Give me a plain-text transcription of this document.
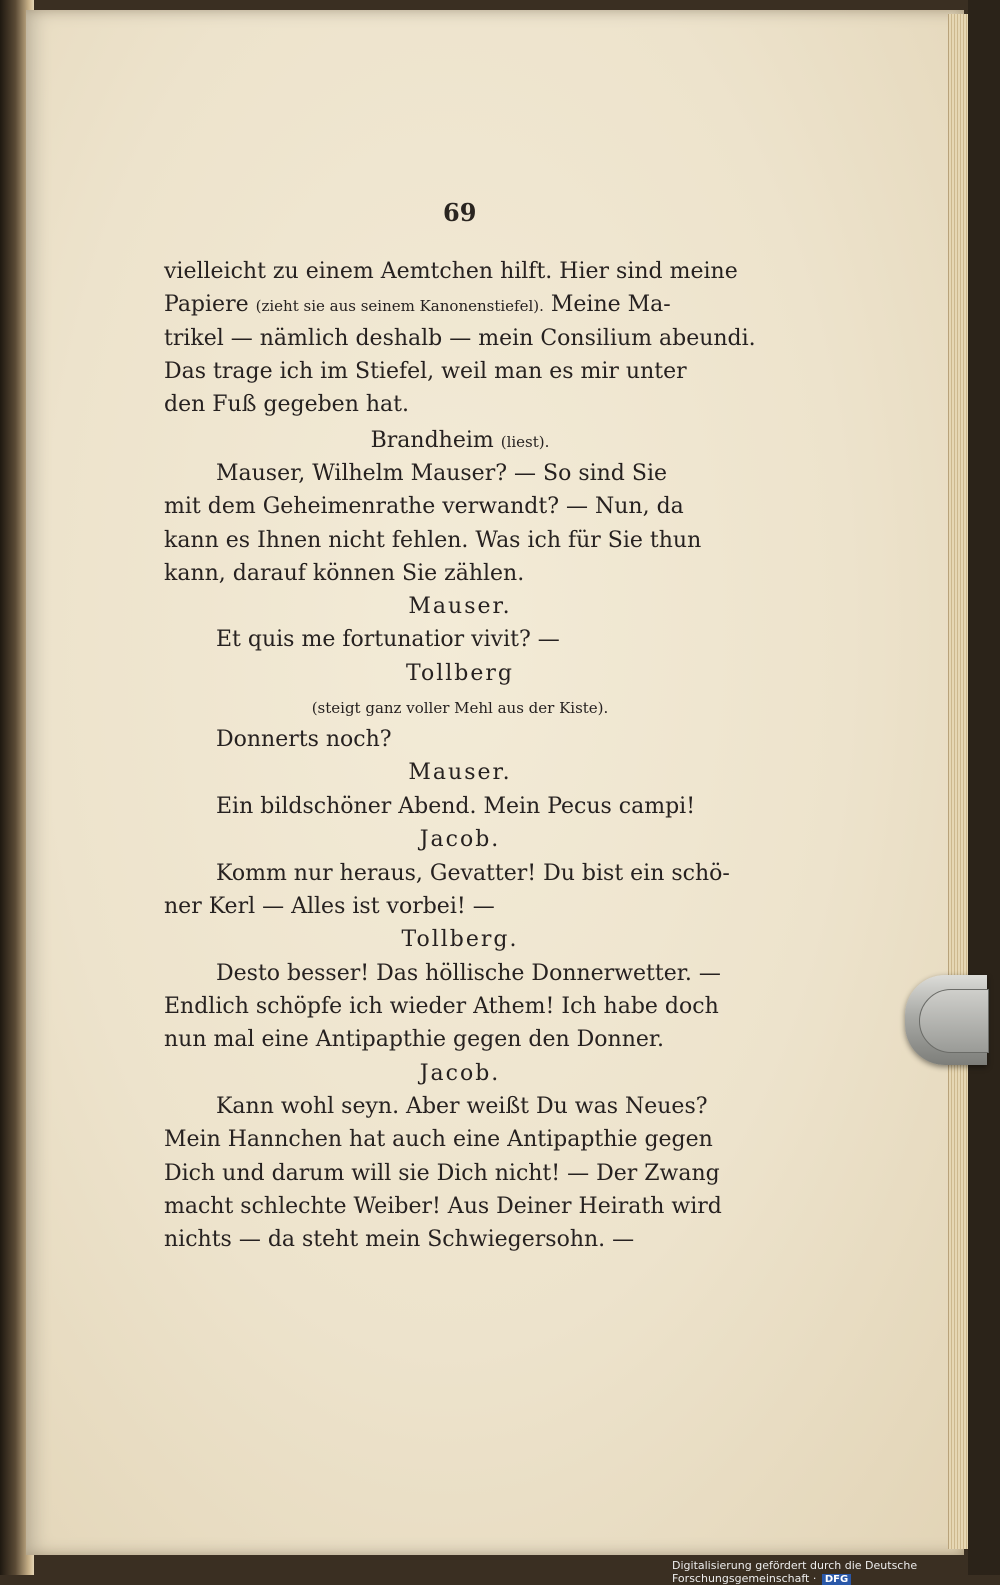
69
vielleicht zu einem Aemtchen hilft. Hier sind meine
Papiere (zieht sie aus seinem Kanonenstiefel). Meine Ma-
trikel — nämlich deshalb — mein Consilium abeundi.
Das trage ich im Stiefel, weil man es mir unter
den Fuß gegeben hat.
Brandheim (liest).
Mauser, Wilhelm Mauser? — So sind Sie
mit dem Geheimenrathe verwandt? — Nun, da
kann es Ihnen nicht fehlen. Was ich für Sie thun
kann, darauf können Sie zählen.
Mauser.
Et quis me fortunatior vivit? —
Tollberg
(steigt ganz voller Mehl aus der Kiste).
Donnerts noch?
Mauser.
Ein bildschöner Abend. Mein Pecus campi!
Jacob.
Komm nur heraus, Gevatter! Du bist ein schö-
ner Kerl — Alles ist vorbei! —
Tollberg.
Desto besser! Das höllische Donnerwetter. —
Endlich schöpfe ich wieder Athem! Ich habe doch
nun mal eine Antipapthie gegen den Donner.
Jacob.
Kann wohl seyn. Aber weißt Du was Neues?
Mein Hannchen hat auch eine Antipapthie gegen
Dich und darum will sie Dich nicht! — Der Zwang
macht schlechte Weiber! Aus Deiner Heirath wird
nichts — da steht mein Schwiegersohn. —
Digitalisierung gefördert durch die Deutsche Forschungsgemeinschaft · DFG
